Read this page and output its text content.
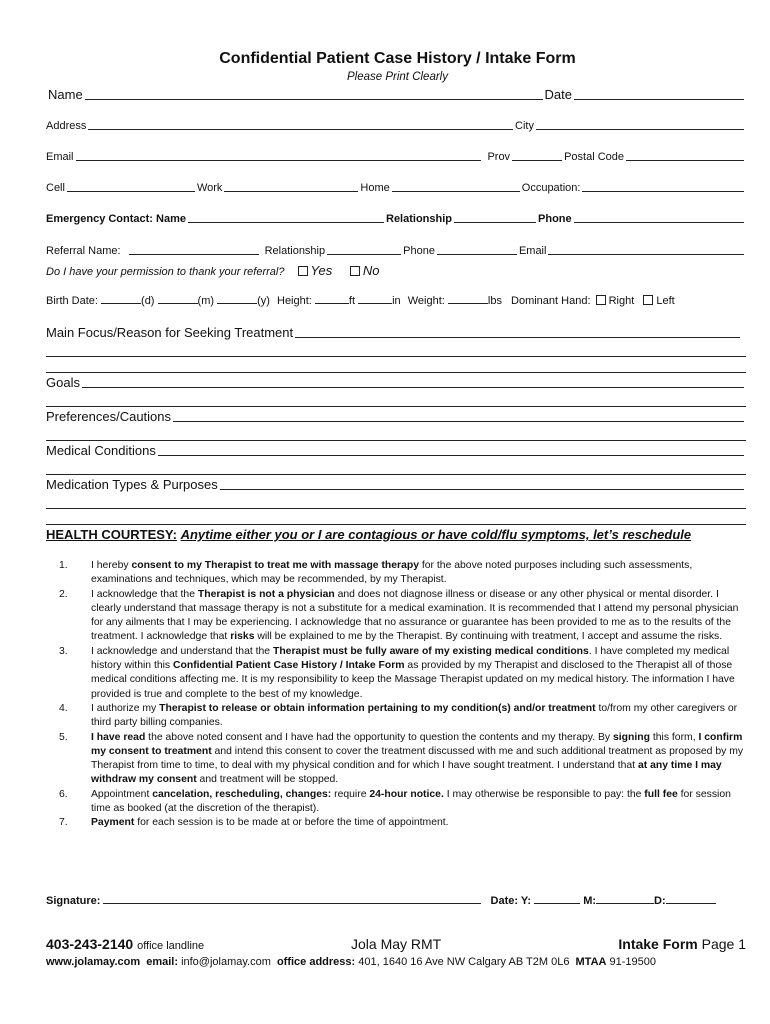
Confidential Patient Case History / Intake Form
Please Print Clearly
Name	Date
Address	City
Email	Prov	Postal Code
Cell	Work	Home	Occupation:
Emergency Contact: Name	Relationship	Phone
Referral Name:	Relationship	Phone	Email
Do I have your permission to thank your referral? Yes No
Birth Date:	(d)	(m)	(y) Height:	ft	in Weight:	lbs Dominant Hand: Right Left
Main Focus/Reason for Seeking Treatment
Goals
Preferences/Cautions
Medical Conditions
Medication Types & Purposes
HEALTH COURTESY: Anytime either you or I are contagious or have cold/flu symptoms, let’s reschedule
1. I hereby consent to my Therapist to treat me with massage therapy for the above noted purposes including such assessments, examinations and techniques, which may be recommended, by my Therapist.
2. I acknowledge that the Therapist is not a physician and does not diagnose illness or disease or any other physical or mental disorder. I clearly understand that massage therapy is not a substitute for a medical examination. It is recommended that I attend my personal physician for any ailments that I may be experiencing. I acknowledge that no assurance or guarantee has been provided to me as to the results of the treatment. I acknowledge that risks will be explained to me by the Therapist. By continuing with treatment, I accept and assume the risks.
3. I acknowledge and understand that the Therapist must be fully aware of my existing medical conditions. I have completed my medical history within this Confidential Patient Case History / Intake Form as provided by my Therapist and disclosed to the Therapist all of those medical conditions affecting me. It is my responsibility to keep the Massage Therapist updated on my medical history. The information I have provided is true and complete to the best of my knowledge.
4. I authorize my Therapist to release or obtain information pertaining to my condition(s) and/or treatment to/from my other caregivers or third party billing companies.
5. I have read the above noted consent and I have had the opportunity to question the contents and my therapy. By signing this form, I confirm my consent to treatment and intend this consent to cover the treatment discussed with me and such additional treatment as proposed by my Therapist from time to time, to deal with my physical condition and for which I have sought treatment. I understand that at any time I may withdraw my consent and treatment will be stopped.
6. Appointment cancelation, rescheduling, changes: require 24-hour notice. I may otherwise be responsible to pay: the full fee for session time as booked (at the discretion of the therapist).
7. Payment for each session is to be made at or before the time of appointment.
Signature:	Date: Y:	M:	D:
403-243-2140 office landline	Jola May RMT	Intake Form Page 1
www.jolamay.com email: info@jolamay.com office address: 401, 1640 16 Ave NW Calgary AB T2M 0L6 MTAA 91-19500
